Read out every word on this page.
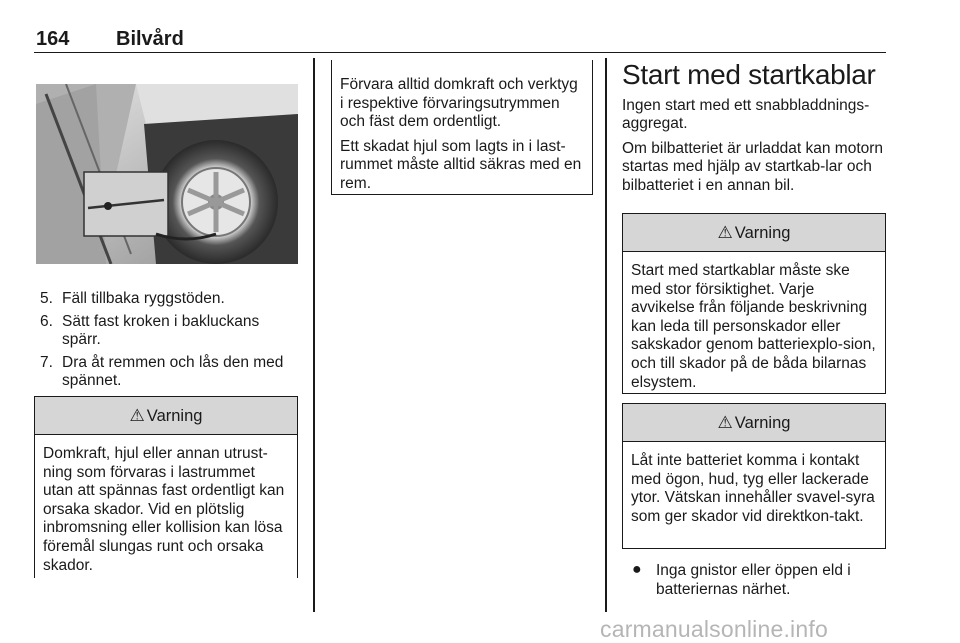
164 Bilvård
5. Fäll tillbaka ryggstöden.
6. Sätt fast kroken i bakluckans spärr.
7. Dra åt remmen och lås den med spännet.
⚠ Varning
Domkraft, hjul eller annan utrust-ning som förvaras i lastrummet utan att spännas fast ordentligt kan orsaka skador. Vid en plötslig inbromsning eller kollision kan lösa föremål slungas runt och orsaka skador.

Förvara alltid domkraft och verktyg i respektive förvaringsutrymmen och fäst dem ordentligt.

Ett skadat hjul som lagts in i last-rummet måste alltid säkras med en rem.

Start med startkablar

Ingen start med ett snabbladdnings-aggregat.

Om bilbatteriet är urladdat kan motorn startas med hjälp av startkab-lar och bilbatteriet i en annan bil.

⚠ Varning
Start med startkablar måste ske med stor försiktighet. Varje avvikelse från följande beskrivning kan leda till personskador eller sakskador genom batteriexplo-sion, och till skador på de båda bilarnas elsystem.
⚠ Varning
Låt inte batteriet komma i kontakt med ögon, hud, tyg eller lackerade ytor. Vätskan innehåller svavel-syra som ger skador vid direktkon-takt.
● Inga gnistor eller öppen eld i batteriernas närhet.
carmanualsonline.info
